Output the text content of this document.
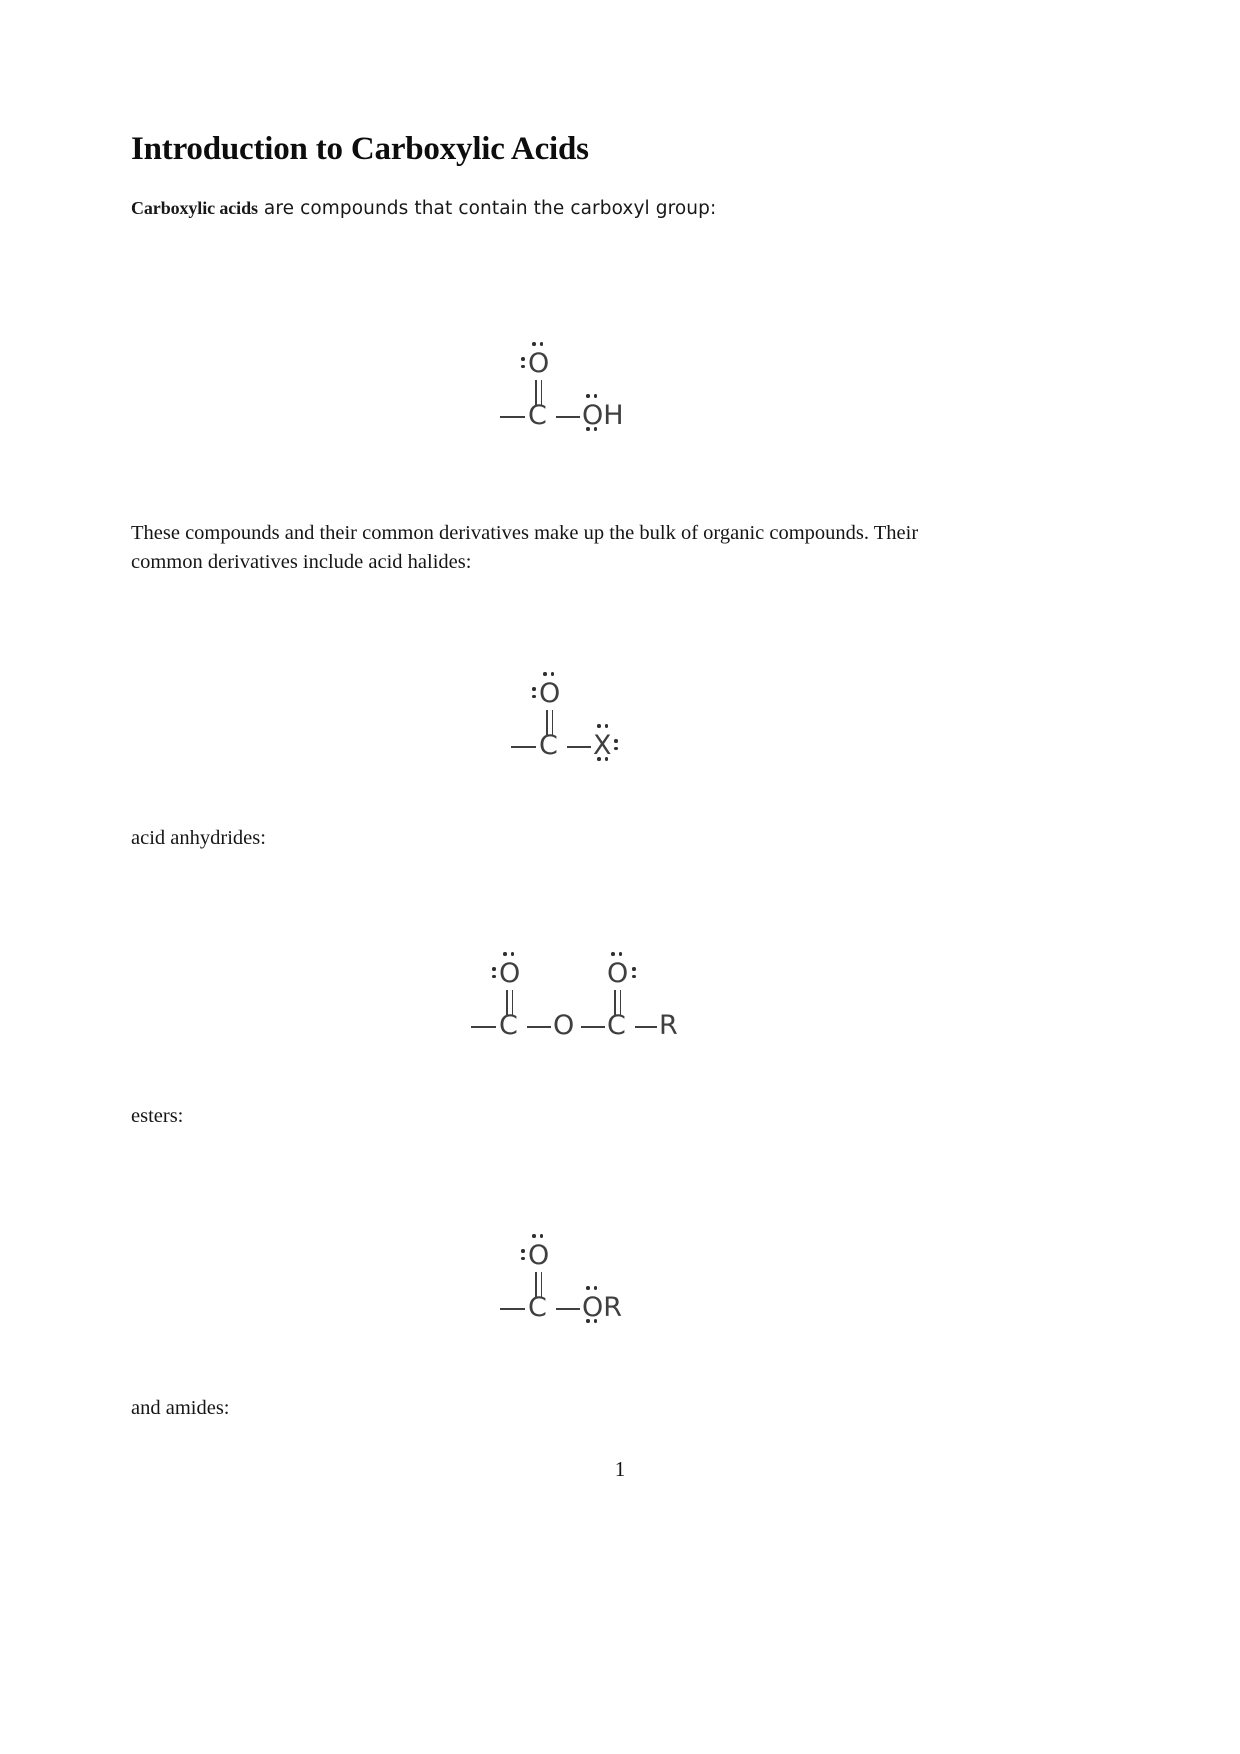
Introduction to Carboxylic Acids
Carboxylic acids are compounds that contain the carboxyl group:
O
C OH
These compounds and their common derivatives make up the bulk of organic compounds. Their common derivatives include acid halides:
O
C X
acid anhydrides:
O
C O
O
C R
esters:
O
C OR
and amides:
1
